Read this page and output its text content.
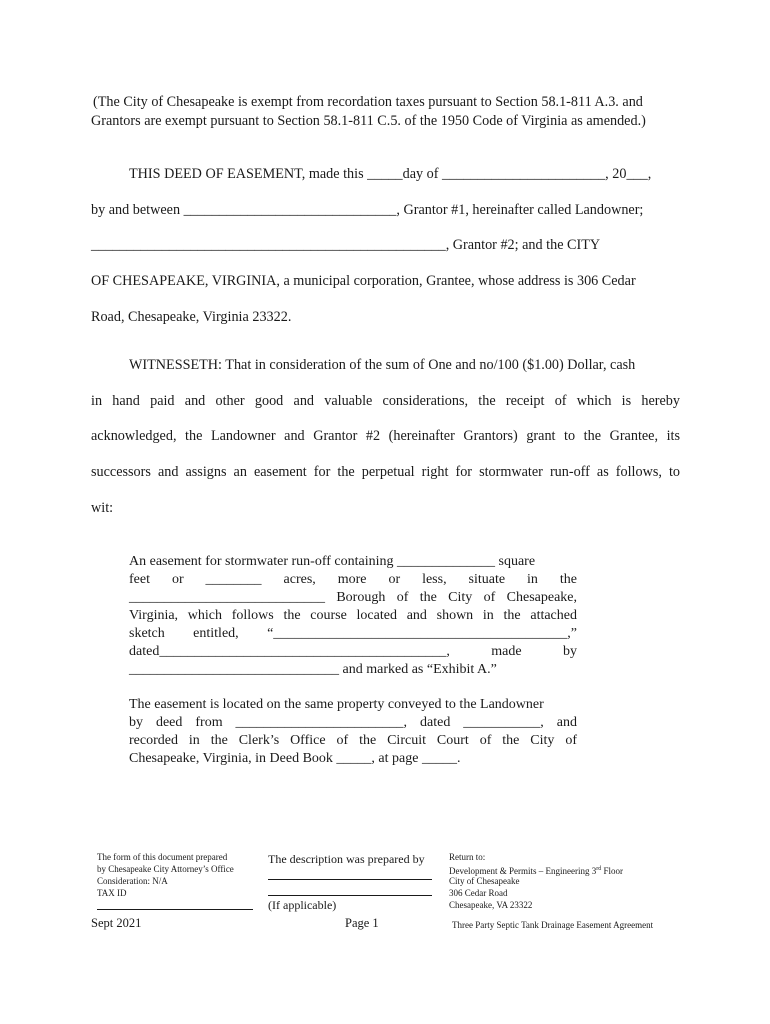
(The City of Chesapeake is exempt from recordation taxes pursuant to Section 58.1-811 A.3. and
Grantors are exempt pursuant to Section 58.1-811 C.5. of the 1950 Code of Virginia as amended.)
THIS DEED OF EASEMENT, made this _____day of _______________________, 20___,
by and between ______________________________, Grantor #1, hereinafter called Landowner;
__________________________________________________, Grantor #2; and the CITY
OF CHESAPEAKE, VIRGINIA, a municipal corporation, Grantee, whose address is 306 Cedar
Road, Chesapeake, Virginia 23322.
WITNESSETH: That in consideration of the sum of One and no/100 ($1.00) Dollar, cash
in hand paid and other good and valuable considerations, the receipt of which is hereby
acknowledged, the Landowner and Grantor #2 (hereinafter Grantors) grant to the Grantee, its
successors and assigns an easement for the perpetual right for stormwater run-off as follows, to
wit:
An easement for stormwater run-off containing ______________ square
feet or ________ acres, more or less, situate in the
____________________________ Borough of the City of Chesapeake,
Virginia, which follows the course located and shown in the attached
sketch entitled, “__________________________________________,”
dated_________________________________________, made by
______________________________ and marked as “Exhibit A.”
The easement is located on the same property conveyed to the Landowner
by deed from ________________________, dated ___________, and
recorded in the Clerk’s Office of the Circuit Court of the City of
Chesapeake, Virginia, in Deed Book _____, at page _____.
The form of this document prepared
by Chesapeake City Attorney’s Office
Consideration: N/A
TAX ID
The description was prepared by
(If applicable)
Return to:
Development & Permits – Engineering 3rd Floor
City of Chesapeake
306 Cedar Road
Chesapeake, VA 23322
Sept 2021	Page 1	Three Party Septic Tank Drainage Easement Agreement
